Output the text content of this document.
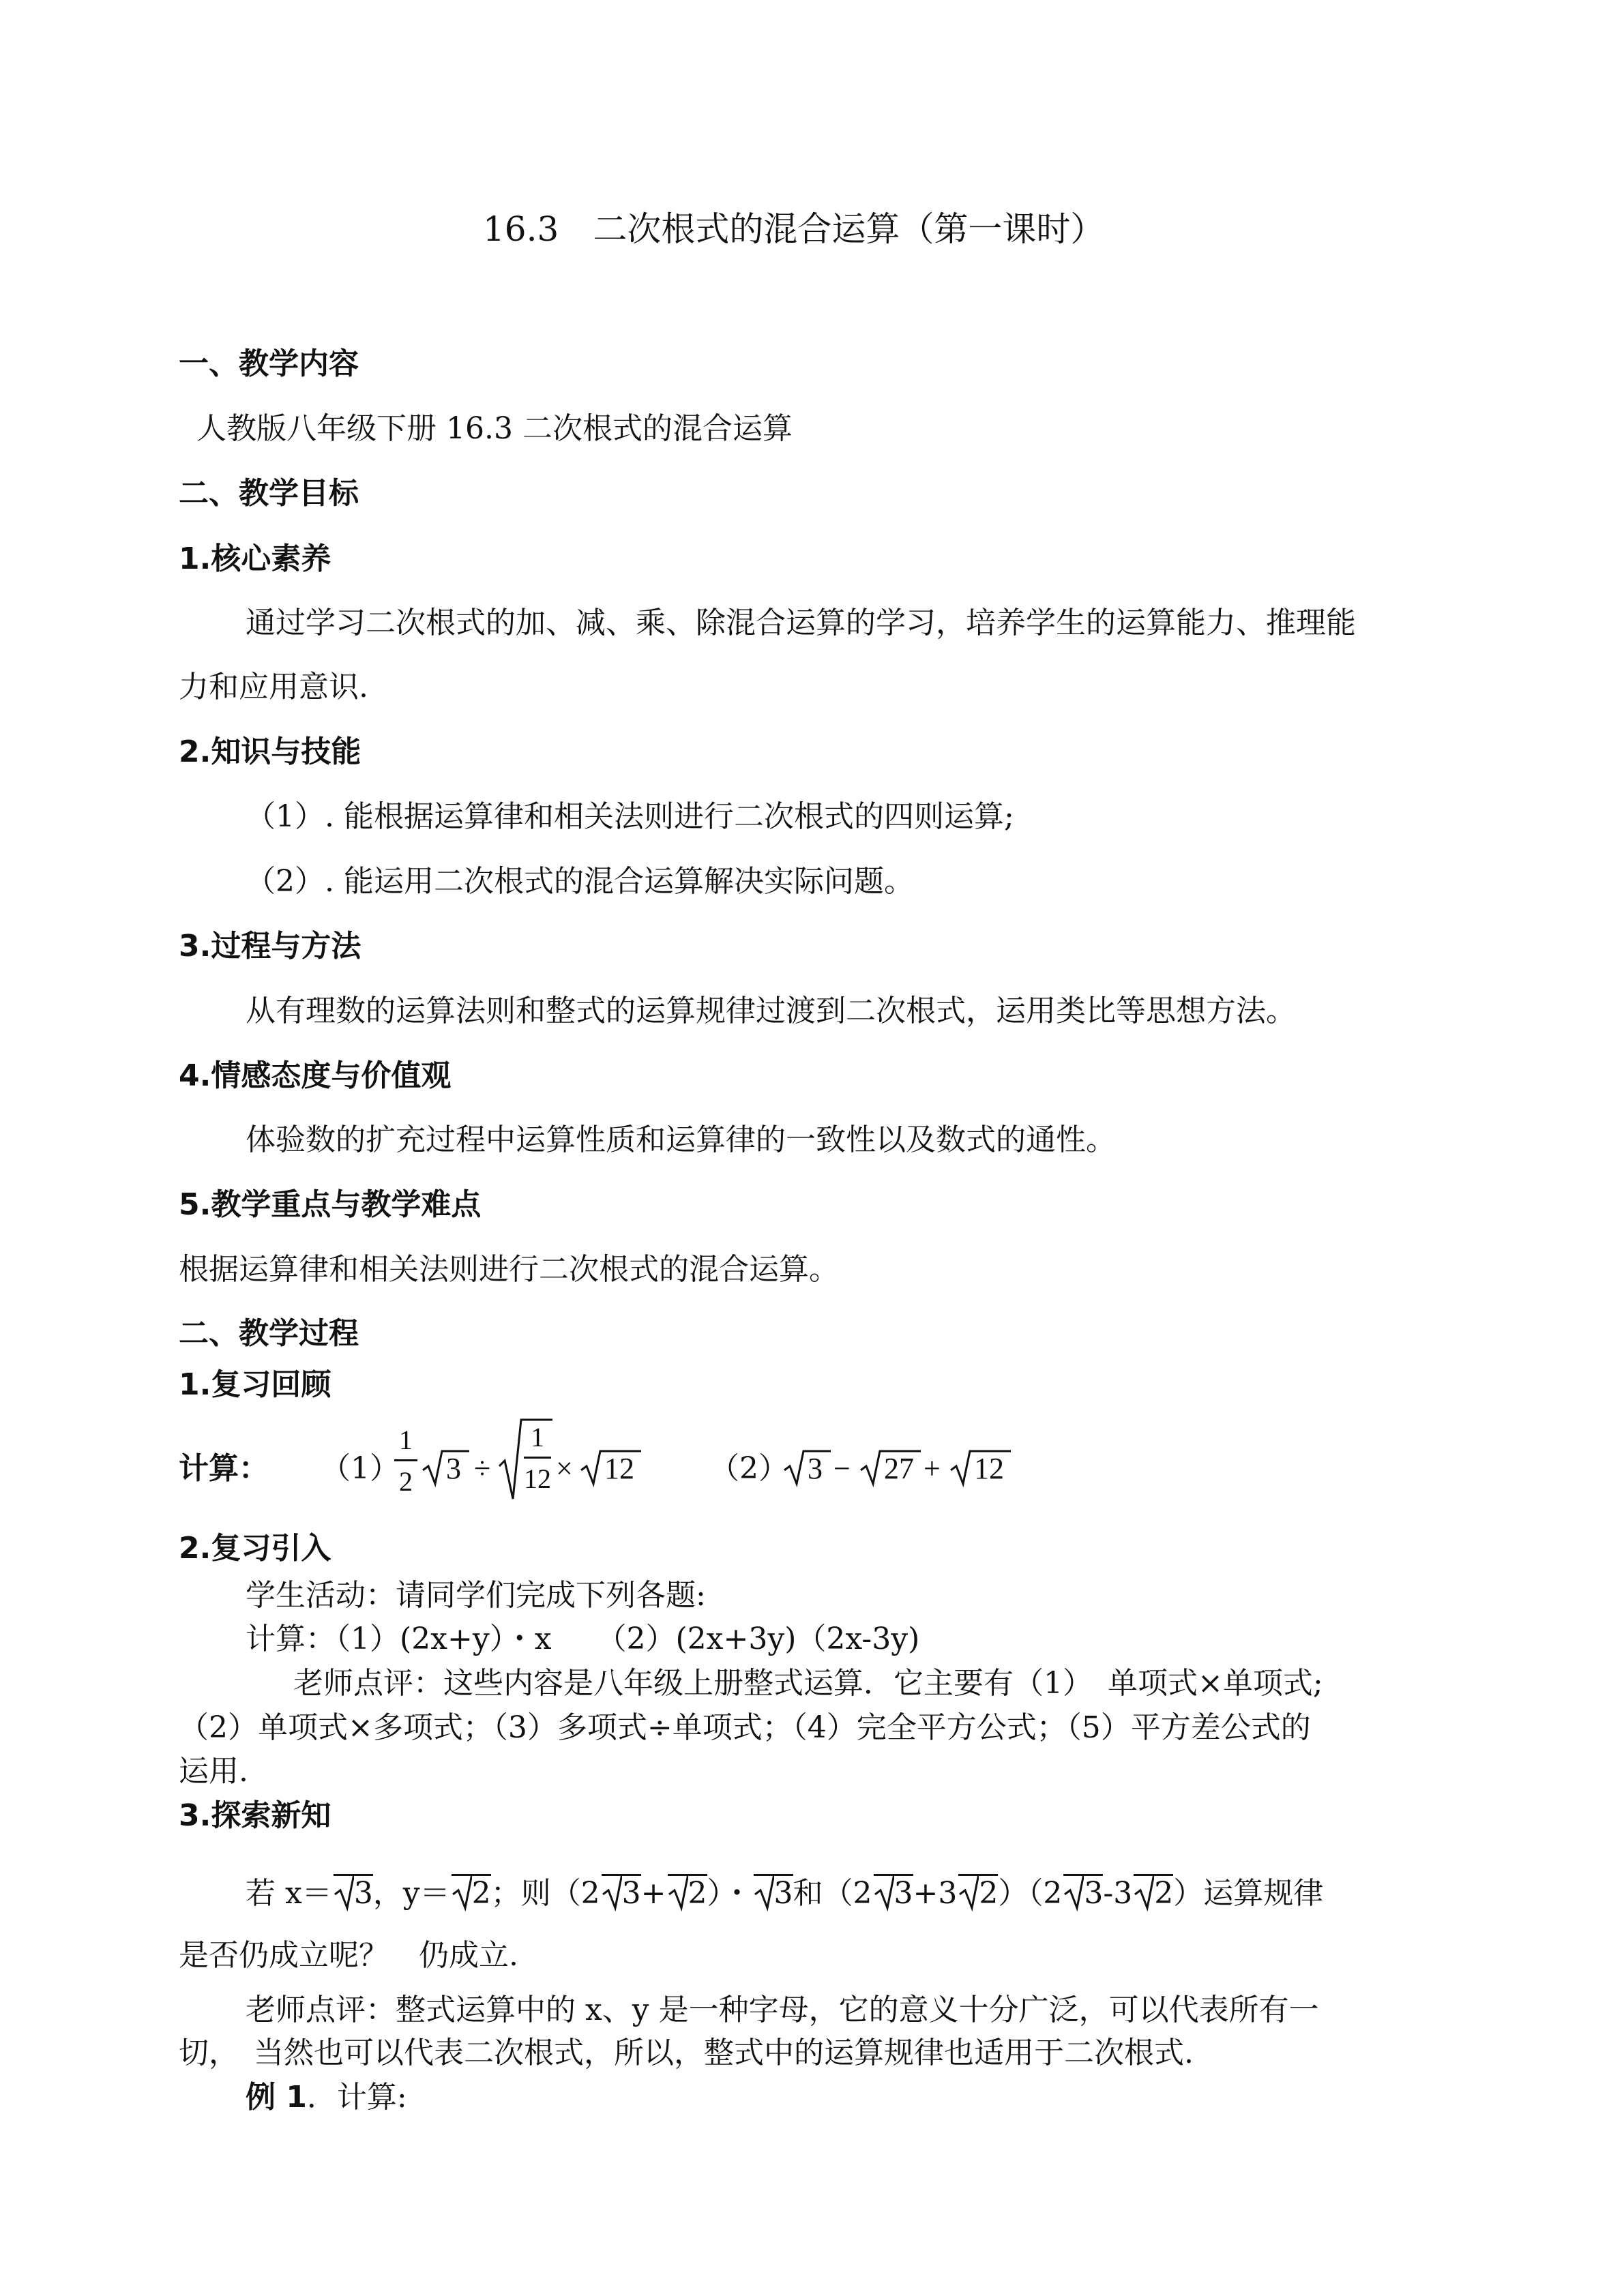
16.3　二次根式的混合运算（第一课时）
一、教学内容
人教版八年级下册 16.3 二次根式的混合运算
二、教学目标
1.核心素养
通过学习二次根式的加、减、乘、除混合运算的学习，培养学生的运算能力、推理能
力和应用意识.
2.知识与技能
（1）. 能根据运算律和相关法则进行二次根式的四则运算;
（2）. 能运用二次根式的混合运算解决实际问题。
3.过程与方法
从有理数的运算法则和整式的运算规律过渡到二次根式，运用类比等思想方法。
4.情感态度与价值观
体验数的扩充过程中运算性质和运算律的一致性以及数式的通性。
5.教学重点与教学难点
根据运算律和相关法则进行二次根式的混合运算。
二、教学过程
1.复习回顾
计算： （1）
1
2 3 ÷
1
12 × 12	（2） 3 − 27 + 12
2.复习引入
学生活动：请同学们完成下列各题:
计算：（1）(2x+y）・x　　（2）(2x+3y)（2x-3y)
老师点评：这些内容是八年级上册整式运算．它主要有（1）　单项式×单项式;
（2）单项式×多项式；（3）多项式÷单项式；（4）完全平方公式；（5）平方差公式的
运用.
3.探索新知
若 x＝ 3，y＝ 2；则（2 3+ 2）・ 3和（2 3+3 2）（2 3-3 2）运算规律
是否仍成立呢？　仍成立.
老师点评：整式运算中的 x、y 是一种字母，它的意义十分广泛，可以代表所有一
切，　当然也可以代表二次根式，所以，整式中的运算规律也适用于二次根式.
例 1．计算:
